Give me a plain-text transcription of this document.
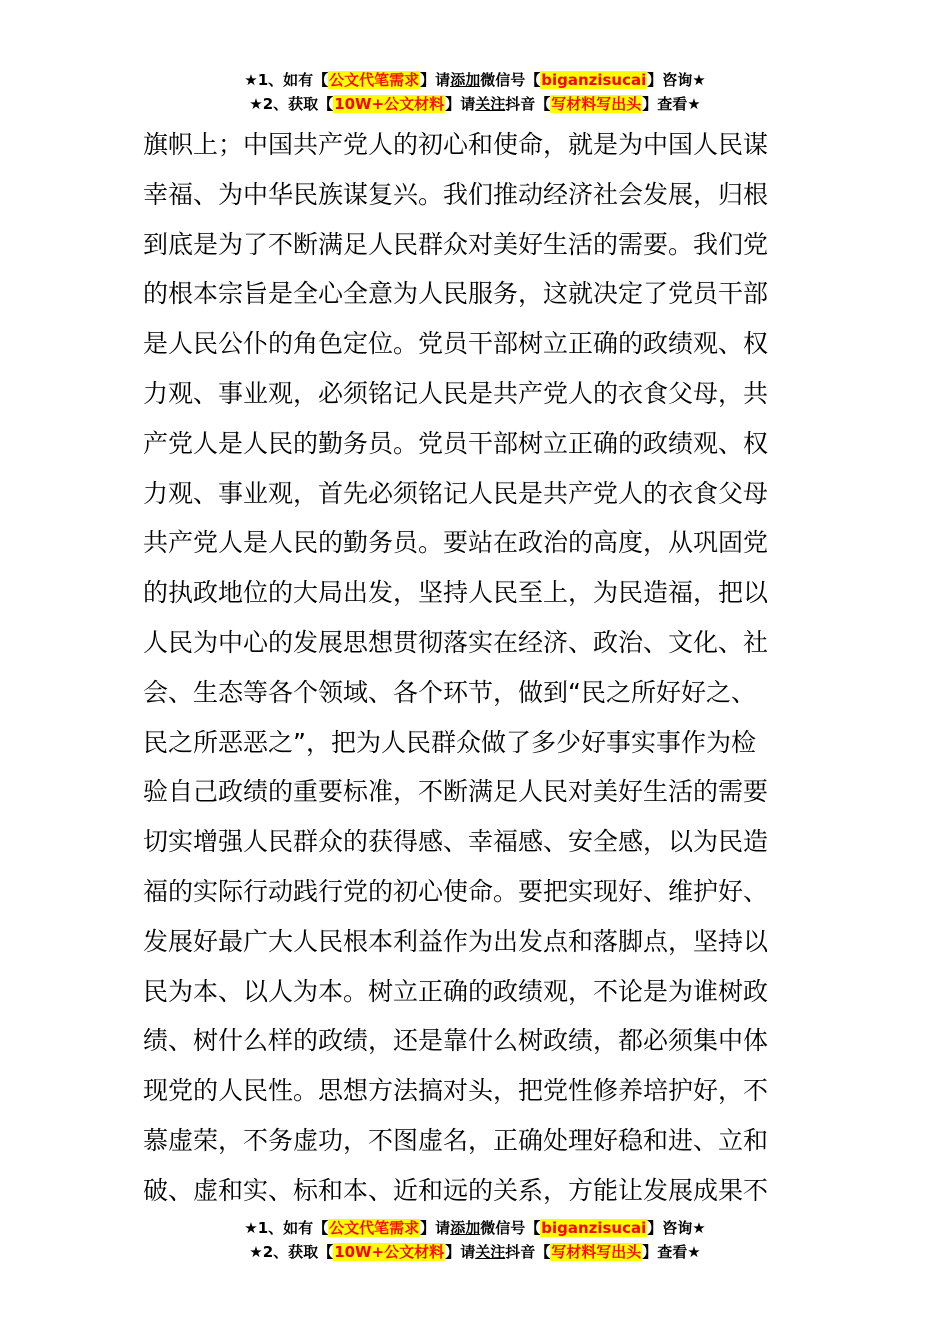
★1、如有【公文代笔需求】请添加微信号【biganzisucai】咨询★
★2、获取【10W+公文材料】请关注抖音【写材料写出头】查看★
旗帜上；中国共产党人的初心和使命，就是为中国人民谋
幸福、为中华民族谋复兴。我们推动经济社会发展，归根
到底是为了不断满足人民群众对美好生活的需要。我们党
的根本宗旨是全心全意为人民服务，这就决定了党员干部
是人民公仆的角色定位。党员干部树立正确的政绩观、权
力观、事业观，必须铭记人民是共产党人的衣食父母，共
产党人是人民的勤务员。党员干部树立正确的政绩观、权
力观、事业观，首先必须铭记人民是共产党人的衣食父母
共产党人是人民的勤务员。要站在政治的高度，从巩固党
的执政地位的大局出发，坚持人民至上，为民造福，把以
人民为中心的发展思想贯彻落实在经济、政治、文化、社
会、生态等各个领域、各个环节，做到“民之所好好之、
民之所恶恶之”，把为人民群众做了多少好事实事作为检
验自己政绩的重要标准，不断满足人民对美好生活的需要
切实增强人民群众的获得感、幸福感、安全感，以为民造
福的实际行动践行党的初心使命。要把实现好、维护好、
发展好最广大人民根本利益作为出发点和落脚点，坚持以
民为本、以人为本。树立正确的政绩观，不论是为谁树政
绩、树什么样的政绩，还是靠什么树政绩，都必须集中体
现党的人民性。思想方法搞对头，把党性修养培护好，不
慕虚荣，不务虚功，不图虚名，正确处理好稳和进、立和
破、虚和实、标和本、近和远的关系，方能让发展成果不
★1、如有【公文代笔需求】请添加微信号【biganzisucai】咨询★
★2、获取【10W+公文材料】请关注抖音【写材料写出头】查看★
